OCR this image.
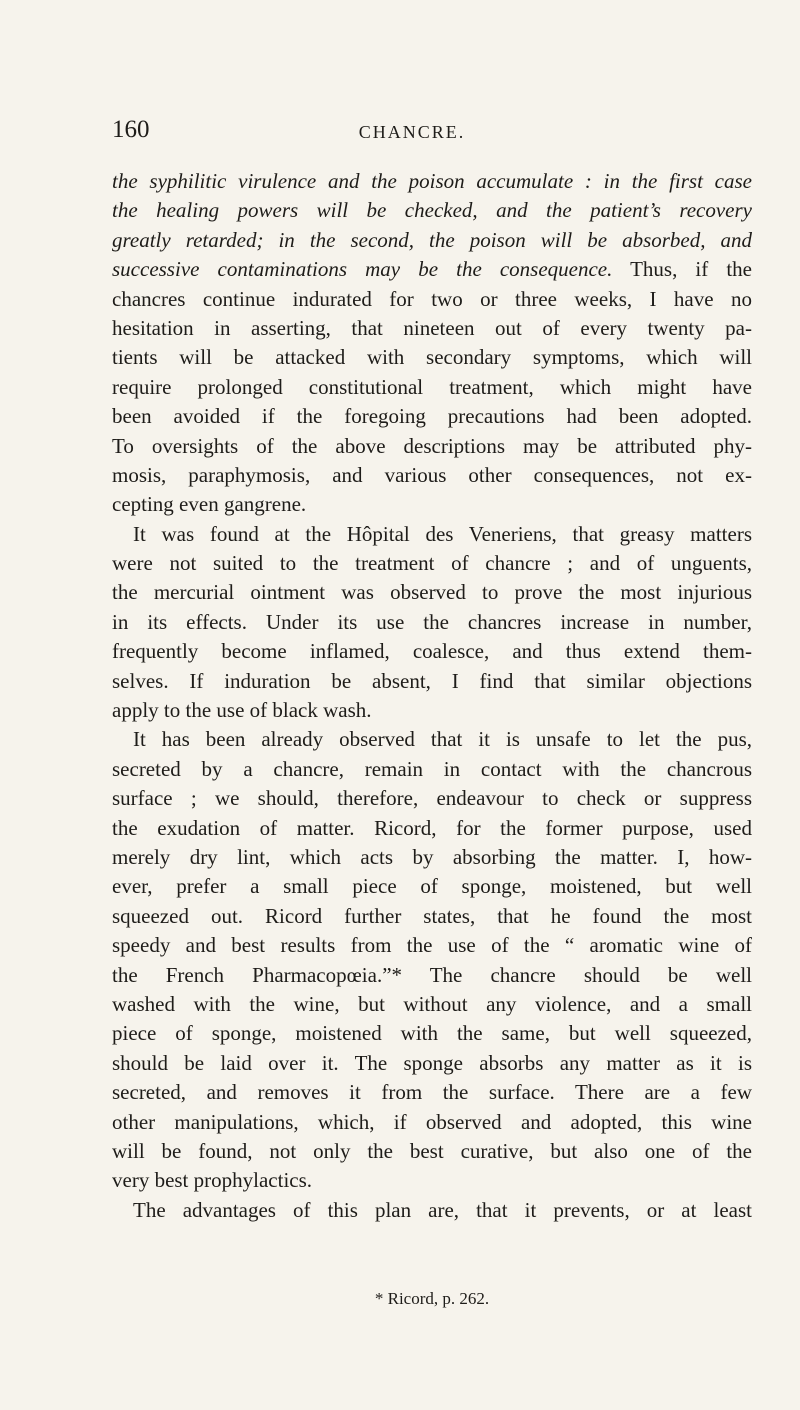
160	CHANCRE.
the syphilitic virulence and the poison accumulate : in the first case
the healing powers will be checked, and the patient’s recovery
greatly retarded; in the second, the poison will be absorbed, and
successive contaminations may be the consequence. Thus, if the
chancres continue indurated for two or three weeks, I have no
hesitation in asserting, that nineteen out of every twenty pa-
tients will be attacked with secondary symptoms, which will
require prolonged constitutional treatment, which might have
been avoided if the foregoing precautions had been adopted.
To oversights of the above descriptions may be attributed phy-
mosis, paraphymosis, and various other consequences, not ex-
cepting even gangrene.
It was found at the Hôpital des Veneriens, that greasy matters
were not suited to the treatment of chancre ; and of unguents,
the mercurial ointment was observed to prove the most injurious
in its effects. Under its use the chancres increase in number,
frequently become inflamed, coalesce, and thus extend them-
selves. If induration be absent, I find that similar objections
apply to the use of black wash.
It has been already observed that it is unsafe to let the pus,
secreted by a chancre, remain in contact with the chancrous
surface ; we should, therefore, endeavour to check or suppress
the exudation of matter. Ricord, for the former purpose, used
merely dry lint, which acts by absorbing the matter. I, how-
ever, prefer a small piece of sponge, moistened, but well
squeezed out. Ricord further states, that he found the most
speedy and best results from the use of the “ aromatic wine of
the French Pharmacopœia.”* The chancre should be well
washed with the wine, but without any violence, and a small
piece of sponge, moistened with the same, but well squeezed,
should be laid over it. The sponge absorbs any matter as it is
secreted, and removes it from the surface. There are a few
other manipulations, which, if observed and adopted, this wine
will be found, not only the best curative, but also one of the
very best prophylactics.
The advantages of this plan are, that it prevents, or at least
* Ricord, p. 262.
